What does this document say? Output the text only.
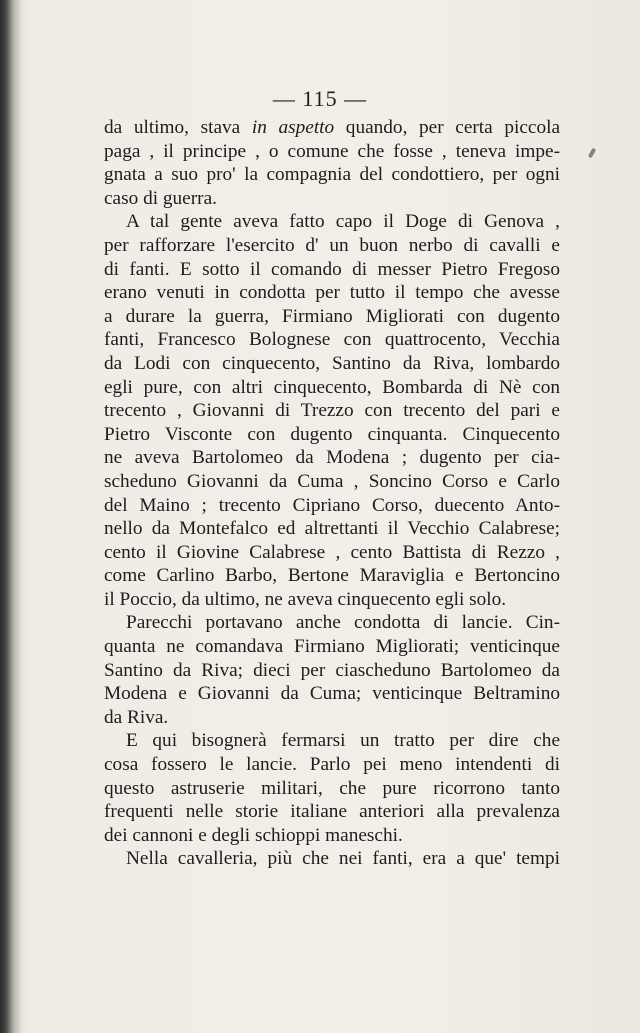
— 115 —
da ultimo, stava in aspetto quando, per certa piccola
paga , il principe , o comune che fosse , teneva impe-
gnata a suo pro' la compagnia del condottiero, per ogni
caso di guerra.
A tal gente aveva fatto capo il Doge di Genova ,
per rafforzare l'esercito d' un buon nerbo di cavalli e
di fanti. E sotto il comando di messer Pietro Fregoso
erano venuti in condotta per tutto il tempo che avesse
a durare la guerra, Firmiano Migliorati con dugento
fanti, Francesco Bolognese con quattrocento, Vecchia
da Lodi con cinquecento, Santino da Riva, lombardo
egli pure, con altri cinquecento, Bombarda di Nè con
trecento , Giovanni di Trezzo con trecento del pari e
Pietro Visconte con dugento cinquanta. Cinquecento
ne aveva Bartolomeo da Modena ; dugento per cia-
scheduno Giovanni da Cuma , Soncino Corso e Carlo
del Maino ; trecento Cipriano Corso, duecento Anto-
nello da Montefalco ed altrettanti il Vecchio Calabrese;
cento il Giovine Calabrese , cento Battista di Rezzo ,
come Carlino Barbo, Bertone Maraviglia e Bertoncino
il Poccio, da ultimo, ne aveva cinquecento egli solo.
Parecchi portavano anche condotta di lancie. Cin-
quanta ne comandava Firmiano Migliorati; venticinque
Santino da Riva; dieci per ciascheduno Bartolomeo da
Modena e Giovanni da Cuma; venticinque Beltramino
da Riva.
E qui bisognerà fermarsi un tratto per dire che
cosa fossero le lancie. Parlo pei meno intendenti di
questo astruserie militari, che pure ricorrono tanto
frequenti nelle storie italiane anteriori alla prevalenza
dei cannoni e degli schioppi maneschi.
Nella cavalleria, più che nei fanti, era a que' tempi
